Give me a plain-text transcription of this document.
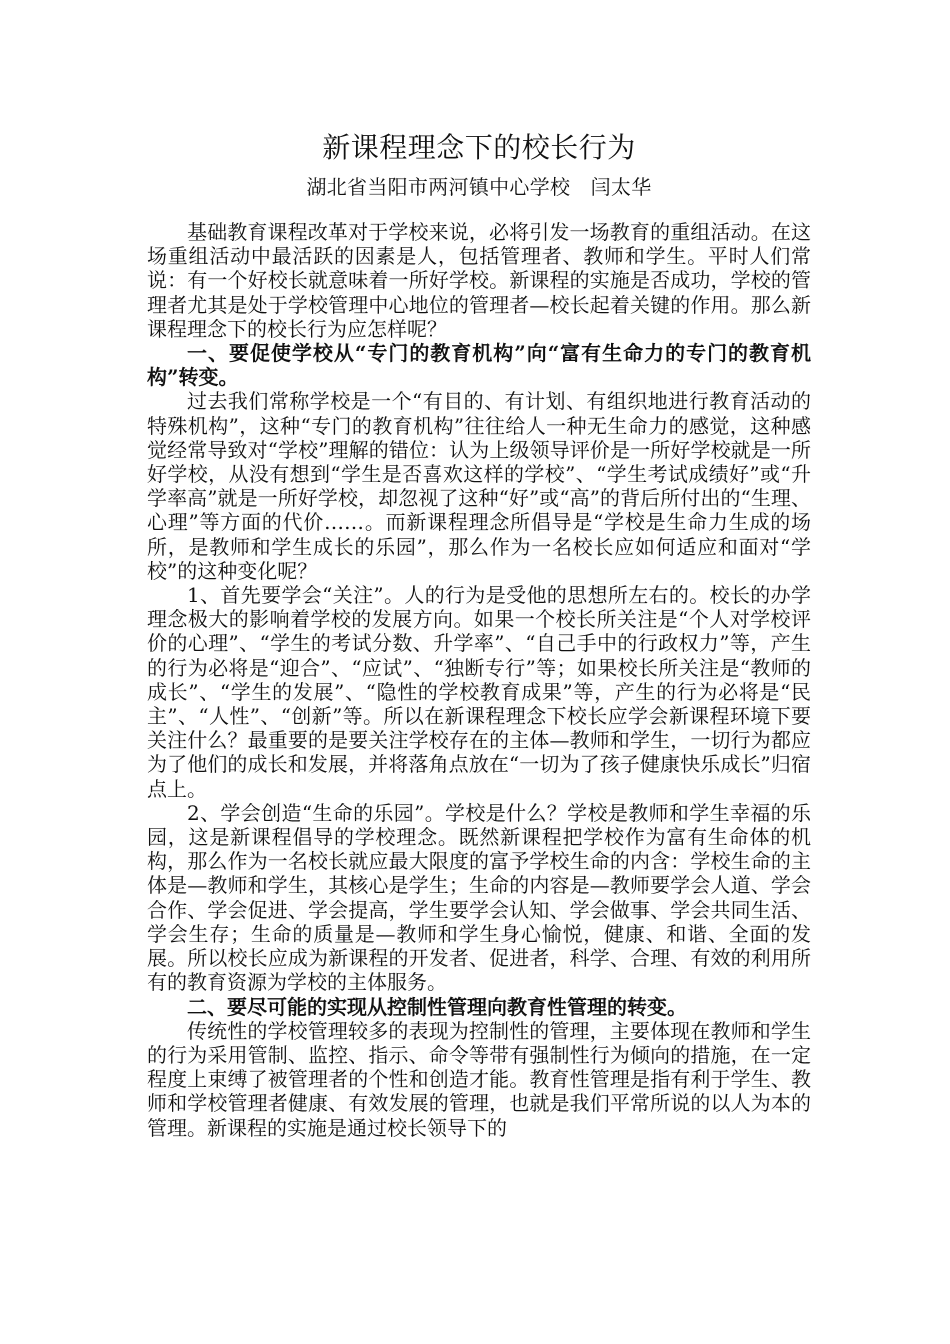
新课程理念下的校长行为
湖北省当阳市两河镇中心学校　闫太华

基础教育课程改革对于学校来说，必将引发一场教育的重组活动。在这场重组活动中最活跃的因素是人，包括管理者、教师和学生。平时人们常说：有一个好校长就意味着一所好学校。新课程的实施是否成功，学校的管理者尤其是处于学校管理中心地位的管理者—校长起着关键的作用。那么新课程理念下的校长行为应怎样呢？

一、要促使学校从“专门的教育机构”向“富有生命力的专门的教育机构”转变。

过去我们常称学校是一个“有目的、有计划、有组织地进行教育活动的特殊机构”，这种“专门的教育机构”往往给人一种无生命力的感觉，这种感觉经常导致对“学校”理解的错位：认为上级领导评价是一所好学校就是一所好学校，从没有想到“学生是否喜欢这样的学校”、“学生考试成绩好”或“升学率高”就是一所好学校，却忽视了这种“好”或“高”的背后所付出的“生理、心理”等方面的代价……。而新课程理念所倡导是“学校是生命力生成的场所，是教师和学生成长的乐园”，那么作为一名校长应如何适应和面对“学校”的这种变化呢？

1、首先要学会“关注”。人的行为是受他的思想所左右的。校长的办学理念极大的影响着学校的发展方向。如果一个校长所关注是“个人对学校评价的心理”、“学生的考试分数、升学率”、“自己手中的行政权力”等，产生的行为必将是“迎合”、“应试”、“独断专行”等；如果校长所关注是“教师的成长”、“学生的发展”、“隐性的学校教育成果”等，产生的行为必将是“民主”、“人性”、“创新”等。所以在新课程理念下校长应学会新课程环境下要关注什么？最重要的是要关注学校存在的主体—教师和学生，一切行为都应为了他们的成长和发展，并将落角点放在“一切为了孩子健康快乐成长”归宿点上。

2、学会创造“生命的乐园”。学校是什么？学校是教师和学生幸福的乐园，这是新课程倡导的学校理念。既然新课程把学校作为富有生命体的机构，那么作为一名校长就应最大限度的富予学校生命的内含：学校生命的主体是—教师和学生，其核心是学生；生命的内容是—教师要学会人道、学会合作、学会促进、学会提高，学生要学会认知、学会做事、学会共同生活、学会生存；生命的质量是—教师和学生身心愉悦，健康、和谐、全面的发展。所以校长应成为新课程的开发者、促进者，科学、合理、有效的利用所有的教育资源为学校的主体服务。

二、要尽可能的实现从控制性管理向教育性管理的转变。

传统性的学校管理较多的表现为控制性的管理，主要体现在教师和学生的行为采用管制、监控、指示、命令等带有强制性行为倾向的措施，在一定程度上束缚了被管理者的个性和创造才能。教育性管理是指有利于学生、教师和学校管理者健康、有效发展的管理，也就是我们平常所说的以人为本的管理。新课程的实施是通过校长领导下的
